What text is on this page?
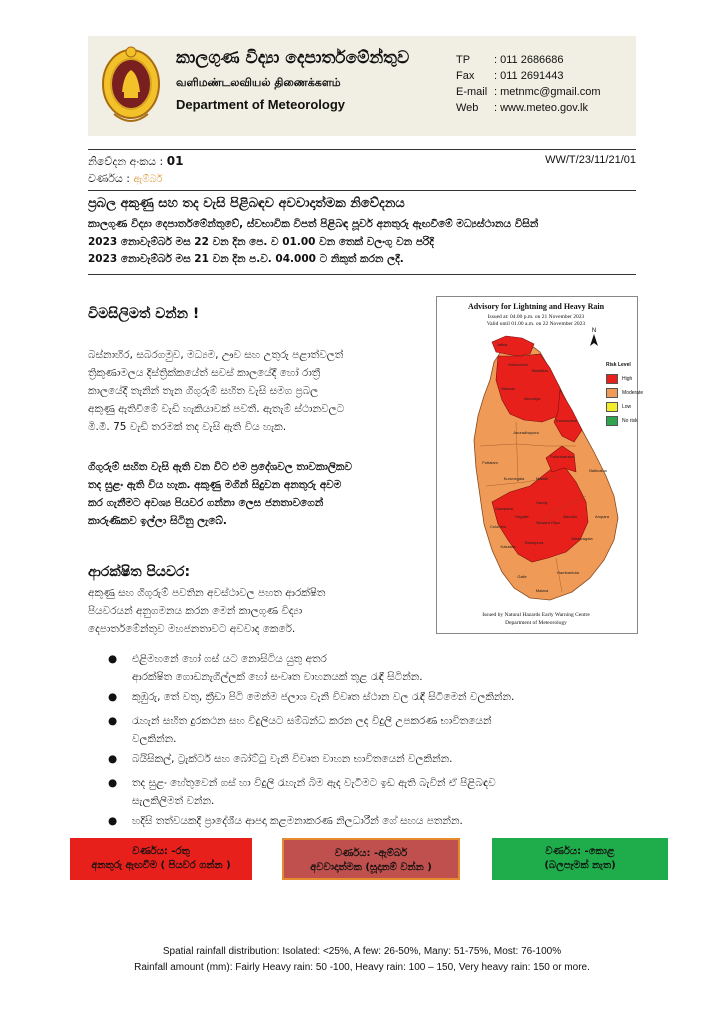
කාලගුණ විද්‍යා දෙපාර්තමේන්තුව
வளிமண்டலவியல் திணைக்களம்
Department of Meteorology
TP	: 011 2686686
Fax	: 011 2691443
E-mail : metnmc@gmail.com
Web	: www.meteo.gov.lk
නිවේදන අංකය : 01	WW/T/23/11/21/01
වර්ණය : ඇම්බර්
ප්‍රබල අකුණු සහ තද වැසි පිළිබඳව අවවාදාත්මක නිවේදනය
කාලගුණ විද්‍යා දෙපාර්තමේන්තුවේ, ස්වභාවික විපත් පිළිබඳ පූර්ව අනතුරු ඇඟවීමේ මධ්‍යස්ථානය විසින්
2023 නොවැම්බර් මස 22 වන දින පෙ. ව 01.00 වන තෙක් වලංගු වන පරිදි
2023 නොවැම්බර් මස 21 වන දින ප.ව. 04.000 ට නිකුත් කරන ලදී.
විමසිලිමත් වන්න !
බස්නාහිර, සබරගමුව, මධ්‍යම, ඌව සහ උතුරු පළාත්වලත්
ත්‍රිකුණාමලය දිස්ත්‍රික්කයේත් සවස් කාලයේදී හෝ රාත්‍රී
කාලයේදී තැනින් තැන ගිගුරුම් සහිත වැසි සමග ප්‍රබල
අකුණු ඇතිවීමේ වැඩි හැකියාවක් පවතී. ඇතැම් ස්ථානවලට
මි.මී. 75 වැඩි තරමක් තද වැසි ඇති විය හැක.
ගිගුරුම් සහිත වැසි ඇති වන විට එම ප්‍රදේශවල තාවකාලිකව
තද සුළං ඇති විය හැක. අකුණු මගින් සිදුවන අනතුරු අවම
කර ගැනීමට අවශ්‍ය පියවර ගන්නා ලෙස ජනතාවගෙන්
කාරුණිකව ඉල්ලා සිටිනු ලැබේ.
ආරක්ෂිත පියවර:
අකුණු සහ ගිගුරුම් පවතින අවස්ථාවල පහත ආරක්ෂිත
පියවරයන් අනුගමනය කරන මෙන් කාලගුණ විද්‍යා
දෙපාර්තමේන්තුව මහජනතාවට අවවාද කෙරේ.
Advisory for Lightning and Heavy Rain
Issued at: 04.00 p.m. on 21 November 2023
Valid until 01.00 a.m. on 22 November 2023
N
Jaffna
Kilinochchi
Mullaitivu
Mannar
Vavuniya
Trincomalee
Anuradhapura
Puttalam
Polonnaruwa
Batticaloa
Kurunegala	Matale
Ampara
Gampaha
Kandy
Badulla
Colombo
Kegalle
Nuwara Eliya
Monaragala
Kalutara
Ratnapura
Galle
Hambantota
Matara
Risk Level
High
Moderate
Low
No risk
Issued by Natural Hazards Early Warning Centre
Department of Meteorology
● එළිමහනේ හෝ ගස් යට නොසිටිය යුතු අතර
ආරක්ෂිත ගොඩනැගිල්ලක් හෝ සංවෘත වාහනයක් තුළ රැඳී සිටින්න.
● කුඹුරු, තේ වතු, ක්‍රීඩා පිටි මෙන්ම ජලාශ වැනි විවෘත ස්ථාන වල රැඳී සිටීමෙන් වලකින්න.
● රැහැන් සහිත දුරකථන සහ විදුලියට සම්බන්ධ කරන ලද විදුලි උපකරණ භාවිතයෙන්
වලකින්න.
● බයිසිකල්, ට්‍රැක්ටර් සහ බෝට්ටු වැනි විවෘත වාහන භාවිතයෙන් වලකින්න.
● තද සුළං හේතුවෙන් ගස් හා විදුලි රැහැන් බිම ඇද වැටීමට ඉඩ ඇති බැවින් ඒ පිළිබඳව
සැලකිලිමත් වන්න.
● හදිසි තත්වයකදී ප්‍රාදේශීය ආපදා කළමනාකරණ නිලධාරීන් ගේ සහය පතන්න.
වර්ණය: -රතු
අනතුරු ඇඟවීම ( පියවර ගන්න )
වර්ණය: -ඇම්බර්
අවවාදාත්මක (සූදානම් වන්න )
වර්ණය: -කොළ
(බලපෑමක් නැත)
Spatial rainfall distribution: Isolated: <25%, A few: 26-50%, Many: 51-75%, Most: 76-100%
Rainfall amount (mm): Fairly Heavy rain: 50 -100, Heavy rain: 100 – 150, Very heavy rain: 150 or more.
